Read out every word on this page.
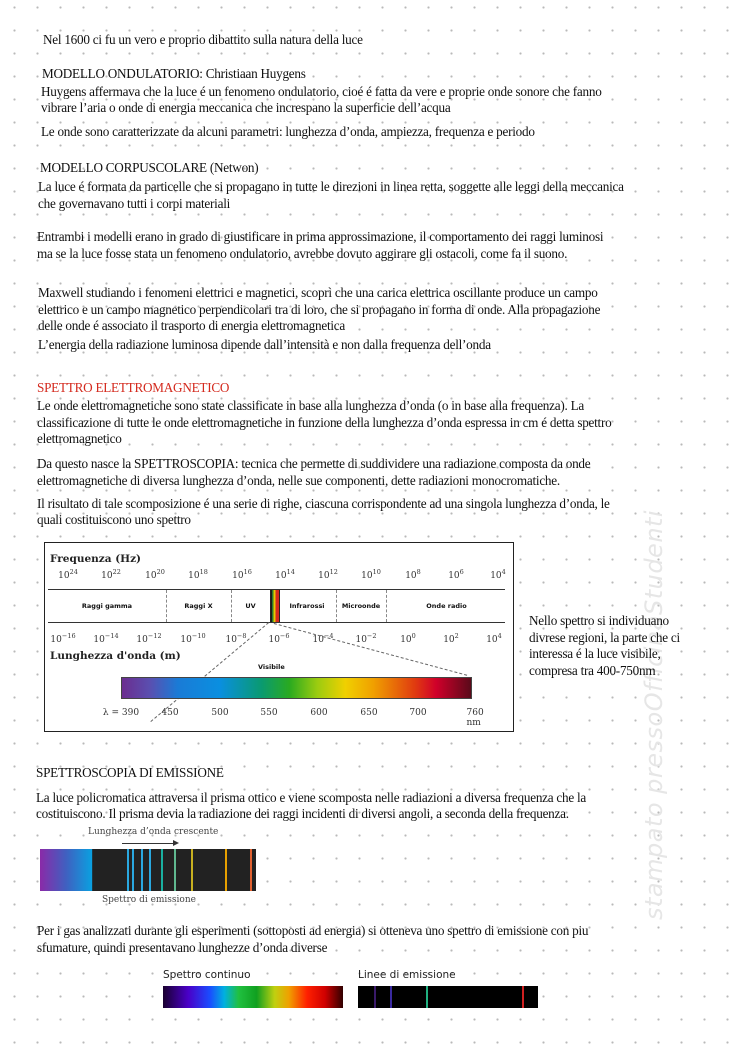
stampato pressoOfficinaStudenti
Nel 1600 ci fu un vero e proprio dibattito sulla natura della luce
MODELLO ONDULATORIO: Christiaan Huygens
Huygens affermava che la luce é un fenomeno ondulatorio, cioé é fatta da vere e proprie onde sonore che fanno
vibrare l’aria o onde di energia meccanica che increspano la superficie dell’acqua
Le onde sono caratterizzate da alcuni parametri: lunghezza d’onda, ampiezza, frequenza e periodo
MODELLO CORPUSCOLARE (Netwon)
La luce é formata da particelle che si propagano in tutte le direzioni in linea retta, soggette alle leggi della meccanica
che governavano tutti i corpi materiali
Entrambi i modelli erano in grado di giustificare in prima approssimazione, il comportamento dei raggi luminosi
ma se la luce fosse stata un fenomeno ondulatorio, avrebbe dovuto aggirare gli ostacoli, come fa il suono.
Maxwell studiando i fenomeni elettrici e magnetici, scoprì che una carica elettrica oscillante produce un campo
elettrico e un campo magnetico perpendicolari tra di loro, che si propagano in forma di onde. Alla propagazione
delle onde é associato il trasporto di energia elettromagnetica
L’energia della radiazione luminosa dipende dall’intensità e non dalla frequenza dell’onda
SPETTRO ELETTROMAGNETICO
Le onde elettromagnetiche sono state classificate in base alla lunghezza d’onda (o in base alla frequenza). La
classificazione di tutte le onde elettromagnetiche in funzione della lunghezza d’onda espressa in cm é detta spettro
elettromagnetico
Da questo nasce la SPETTROSCOPIA: tecnica che permette di suddividere una radiazione composta da onde
elettromagnetiche di diversa lunghezza d’onda, nelle sue componenti, dette radiazioni monocromatiche.
Il risultato di tale scomposizione é una serie di righe, ciascuna corrispondente ad una singola lunghezza d’onda, le
quali costituiscono uno spettro
Frequenza (Hz)
$10^{24}$	$10^{22}$	$10^{20}$	$10^{18}$	$10^{16}$	$10^{14}$	$10^{12}$	$10^{10}$	$10^8$	$10^6$	$10^4$
Raggi gamma	Raggi X	UV	Infrarossi	Microonde	Onde radio
$10^{-16}$ $10^{-14}$ $10^{-12}$ $10^{-10}$ $10^{-8}$ $10^{-6}$	$10^{-4}$ $10^{-2}$	$10^0$	$10^2$	$10^4$
Lunghezza d'onda (m)
Visibile
λ = 390 450	500	550	600	650	700	760 nm
Nello spettro si individuano
divrese regioni, la parte che ci
interessa é la luce visibile,
compresa tra 400-750nm
SPETTROSCOPIA DI EMISSIONE
La luce policromatica attraversa il prisma ottico e viene scomposta nelle radiazioni a diversa frequenza che la
costituiscono. Il prisma devia la radiazione dei raggi incidenti di diversi angoli, a seconda della frequenza.
Lunghezza d’onda crescente
Spettro di emissione
Per i gas analizzati durante gli esperimenti (sottoposti ad energia) si otteneva uno spettro di emissione con piu
sfumature, quindi presentavano lunghezze d’onda diverse
Spettro continuo	Linee di emissione
